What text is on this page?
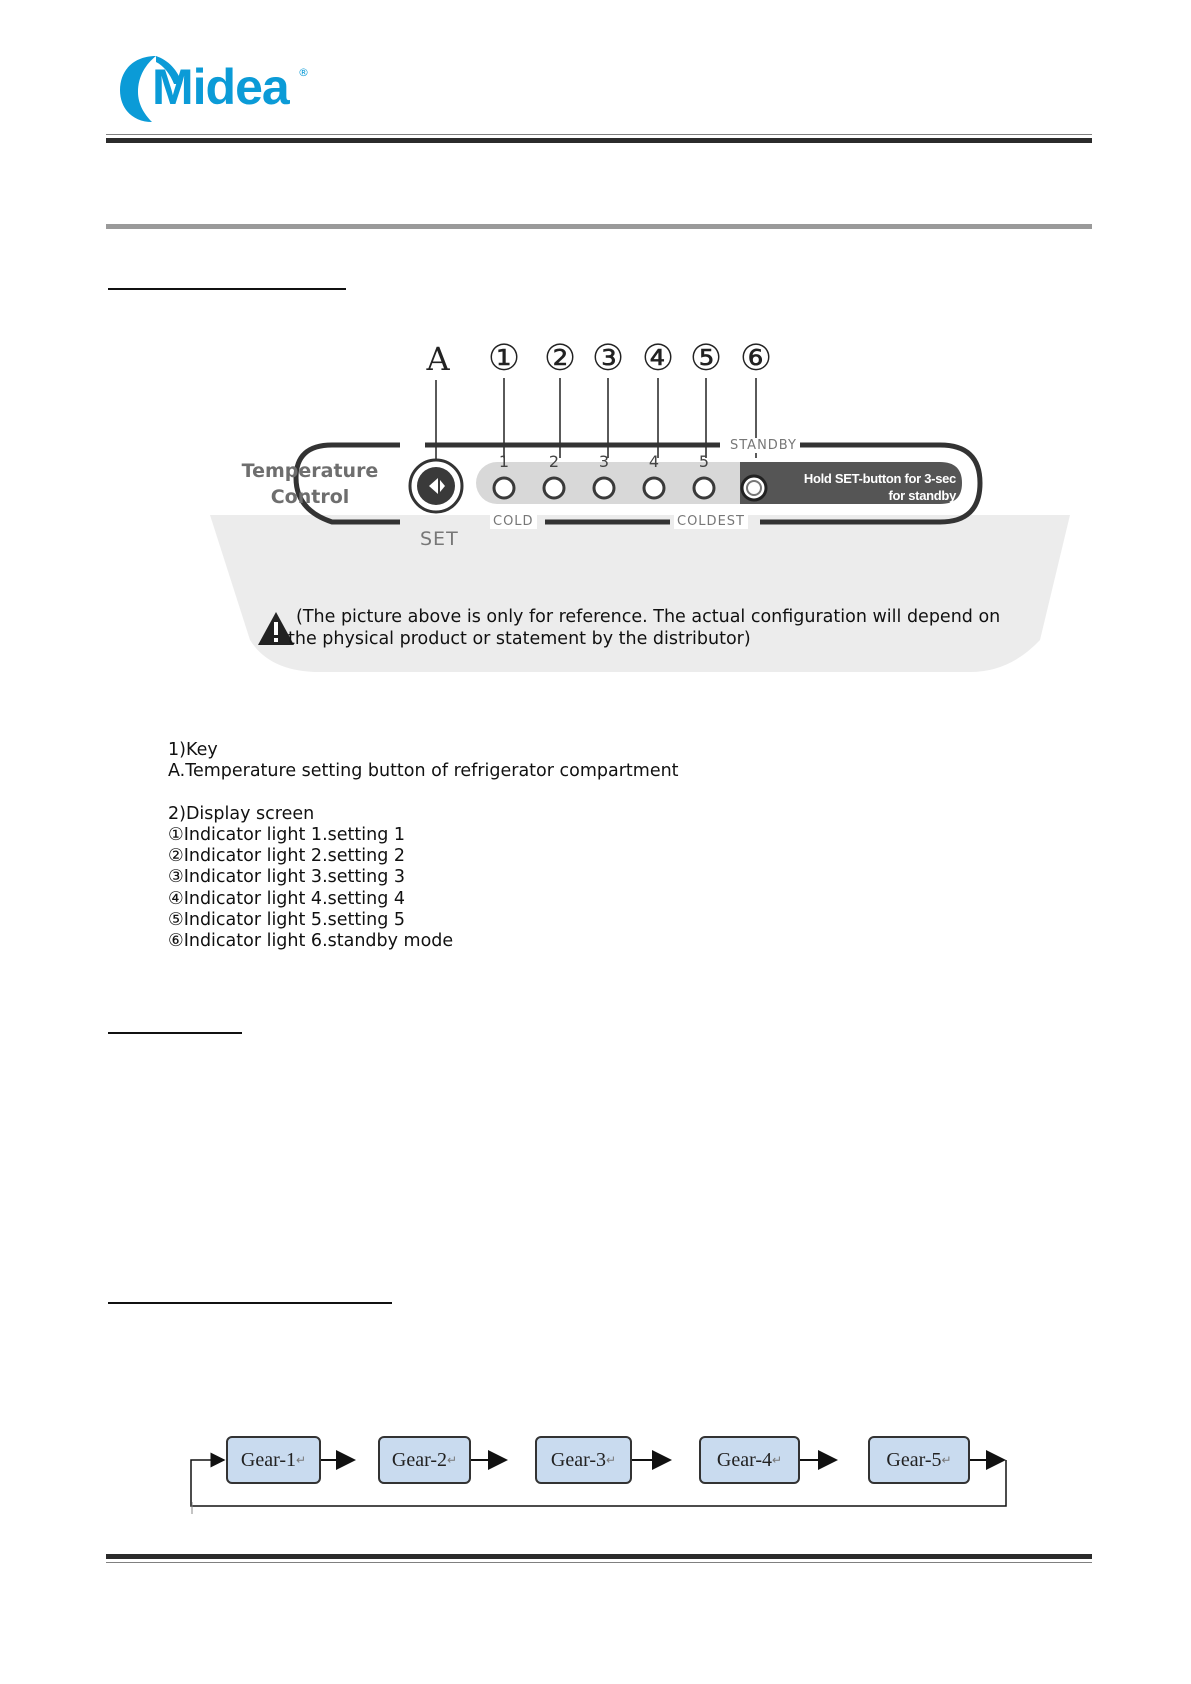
Midea ®
A ① ② ③ ④ ⑤ ⑥
Temperature
Control
SET
1	2	3	4	5
STANDBY
Hold SET-button for 3-sec
for standby
COLD	COLDEST
(The picture above is only for reference. The actual configuration will depend on
the physical product or statement by the distributor)
1)Key
A.Temperature setting button of refrigerator compartment
2)Display screen
①Indicator light 1.setting 1
②Indicator light 2.setting 2
③Indicator light 3.setting 3
④Indicator light 4.setting 4
⑤Indicator light 5.setting 5
⑥Indicator light 6.standby mode
Gear-1 ↵	Gear-2 ↵	Gear-3 ↵	Gear-4 ↵	Gear-5 ↵
